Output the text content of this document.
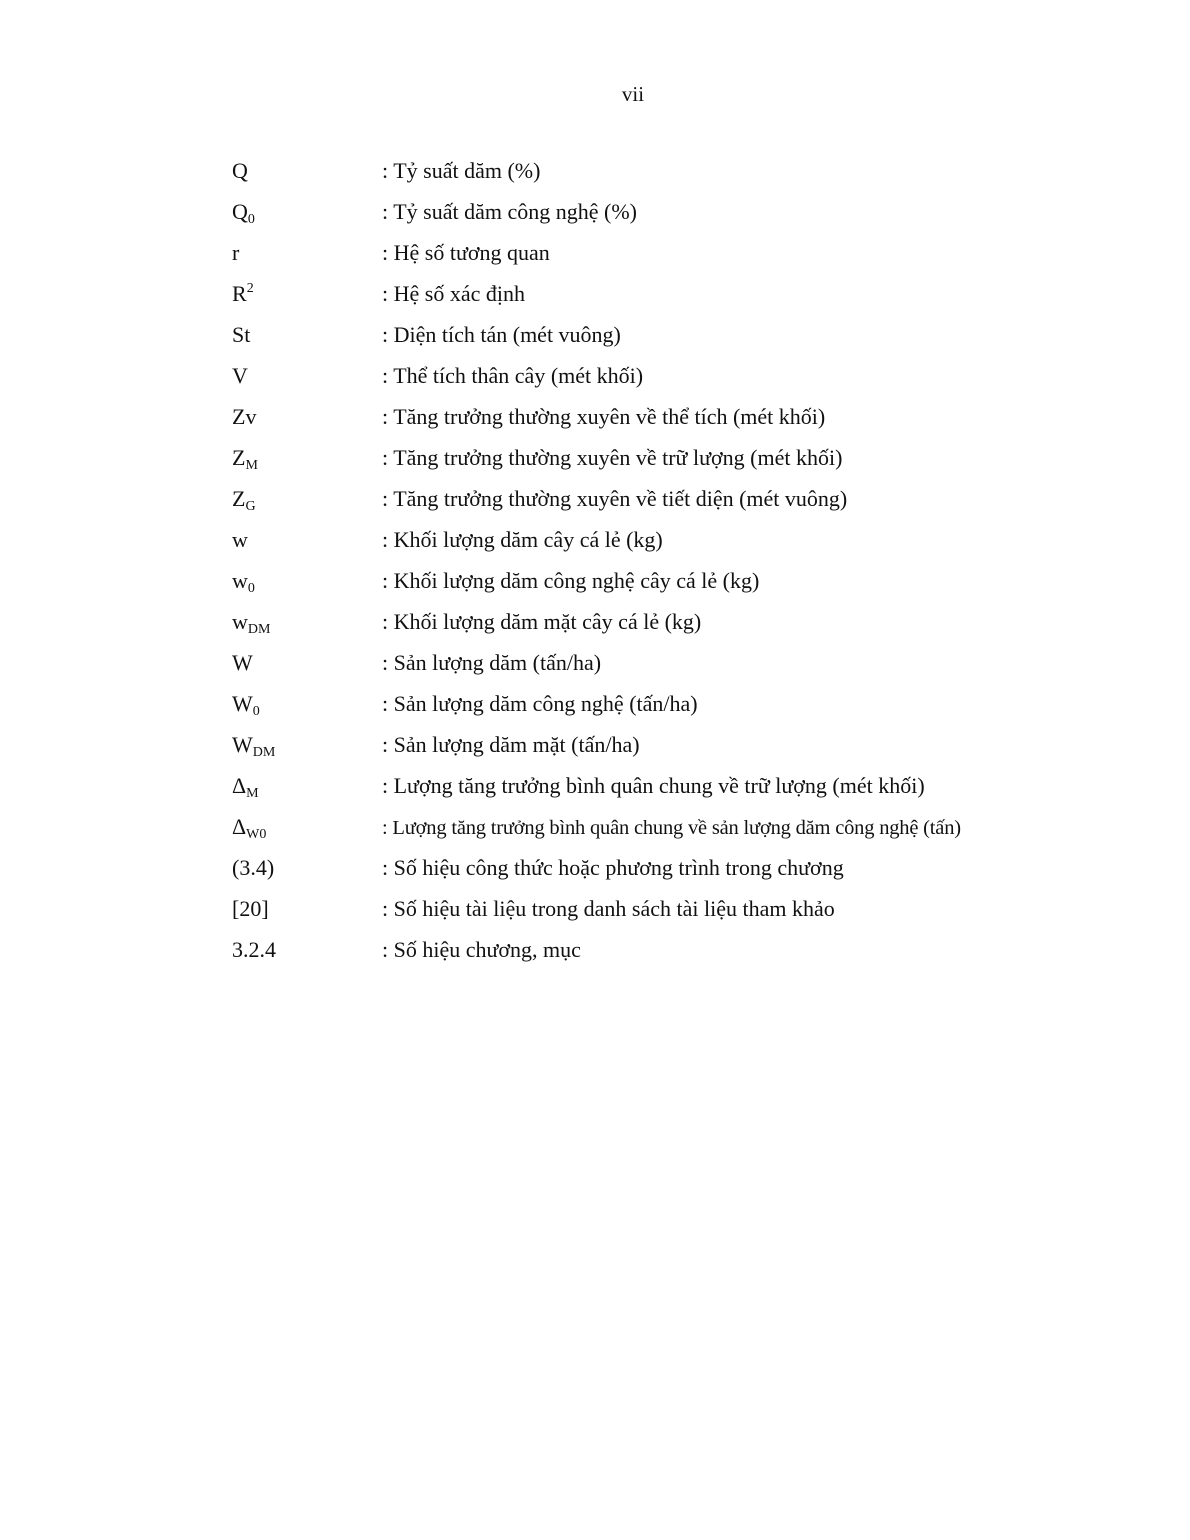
vii
Q	: Tỷ suất dăm (%)
$Q_0$	: Tỷ suất dăm công nghệ (%)
r	: Hệ số tương quan
$R^2$	: Hệ số xác định
St	: Diện tích tán (mét vuông)
V	: Thể tích thân cây (mét khối)
Zv	: Tăng trưởng thường xuyên về thể tích (mét khối)
$Z_M$	: Tăng trưởng thường xuyên về trữ lượng (mét khối)
$Z_G$	: Tăng trưởng thường xuyên về tiết diện (mét vuông)
w	: Khối lượng dăm cây cá lẻ (kg)
$w_0$	: Khối lượng dăm công nghệ cây cá lẻ (kg)
$w_{DM}$	: Khối lượng dăm mặt cây cá lẻ (kg)
W	: Sản lượng dăm (tấn/ha)
$W_0$	: Sản lượng dăm công nghệ (tấn/ha)
$W_{DM}$	: Sản lượng dăm mặt (tấn/ha)
$\Delta_M$	: Lượng tăng trưởng bình quân chung về trữ lượng (mét khối)
$\Delta_{W0}$	: Lượng tăng trưởng bình quân chung về sản lượng dăm công nghệ (tấn)
(3.4)	: Số hiệu công thức hoặc phương trình trong chương
[20]	: Số hiệu tài liệu trong danh sách tài liệu tham khảo
3.2.4	: Số hiệu chương, mục
